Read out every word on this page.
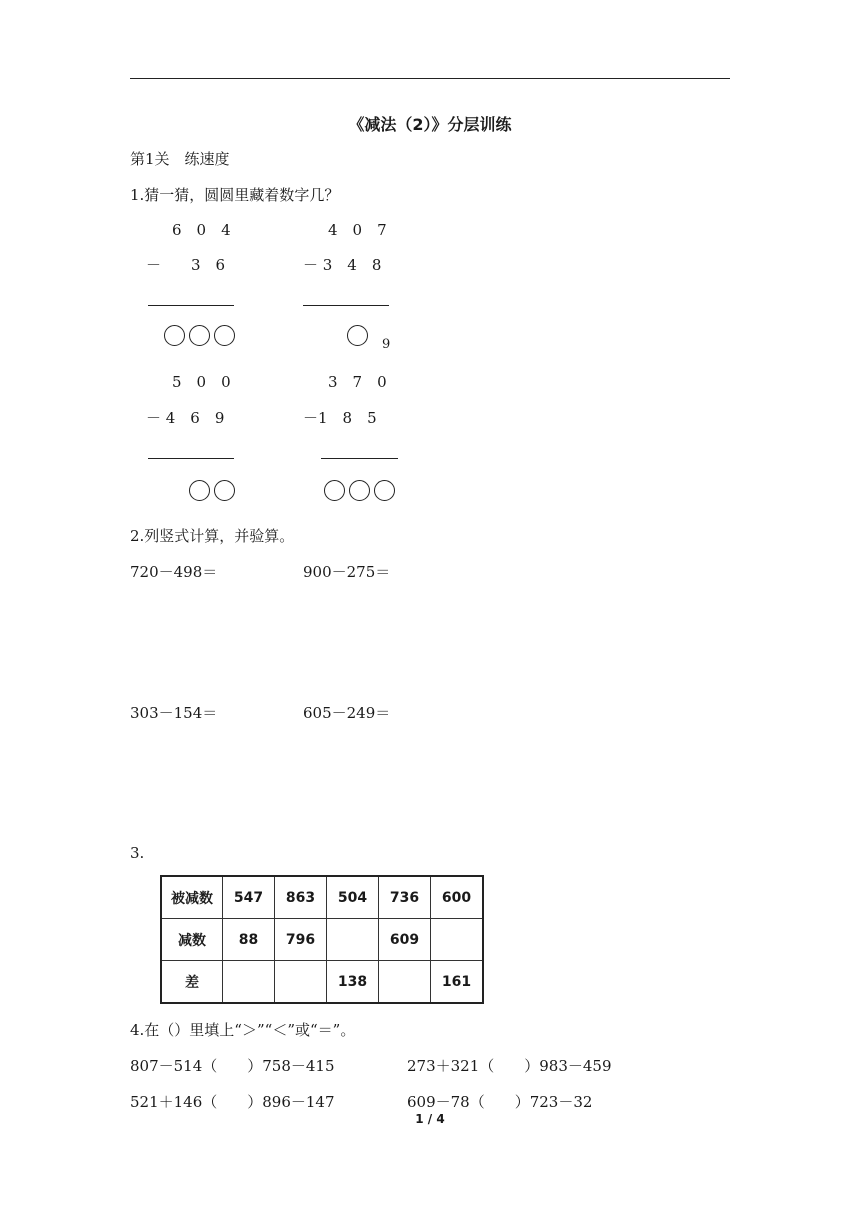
《减法（2）》分层训练
第1关　练速度
1.猜一猜，圆圆里藏着数字几？
6　0　4
－　　3　6
4　0　7
－ 3　4　8
9
5　0　0
－ 4　6　9
3　7　0
－1　8　5
2.列竖式计算，并验算。
720－498＝	900－275＝
303－154＝	605－249＝
3.
被减数	547	863	504	736	600
减数	88	796		609	
差			138		161
4.在（）里填上“＞”“＜”或“＝”。
807－514（　　）758－415	273＋321（　　）983－459
521＋146（　　）896－147	609－78（　　）723－32
1 / 4
